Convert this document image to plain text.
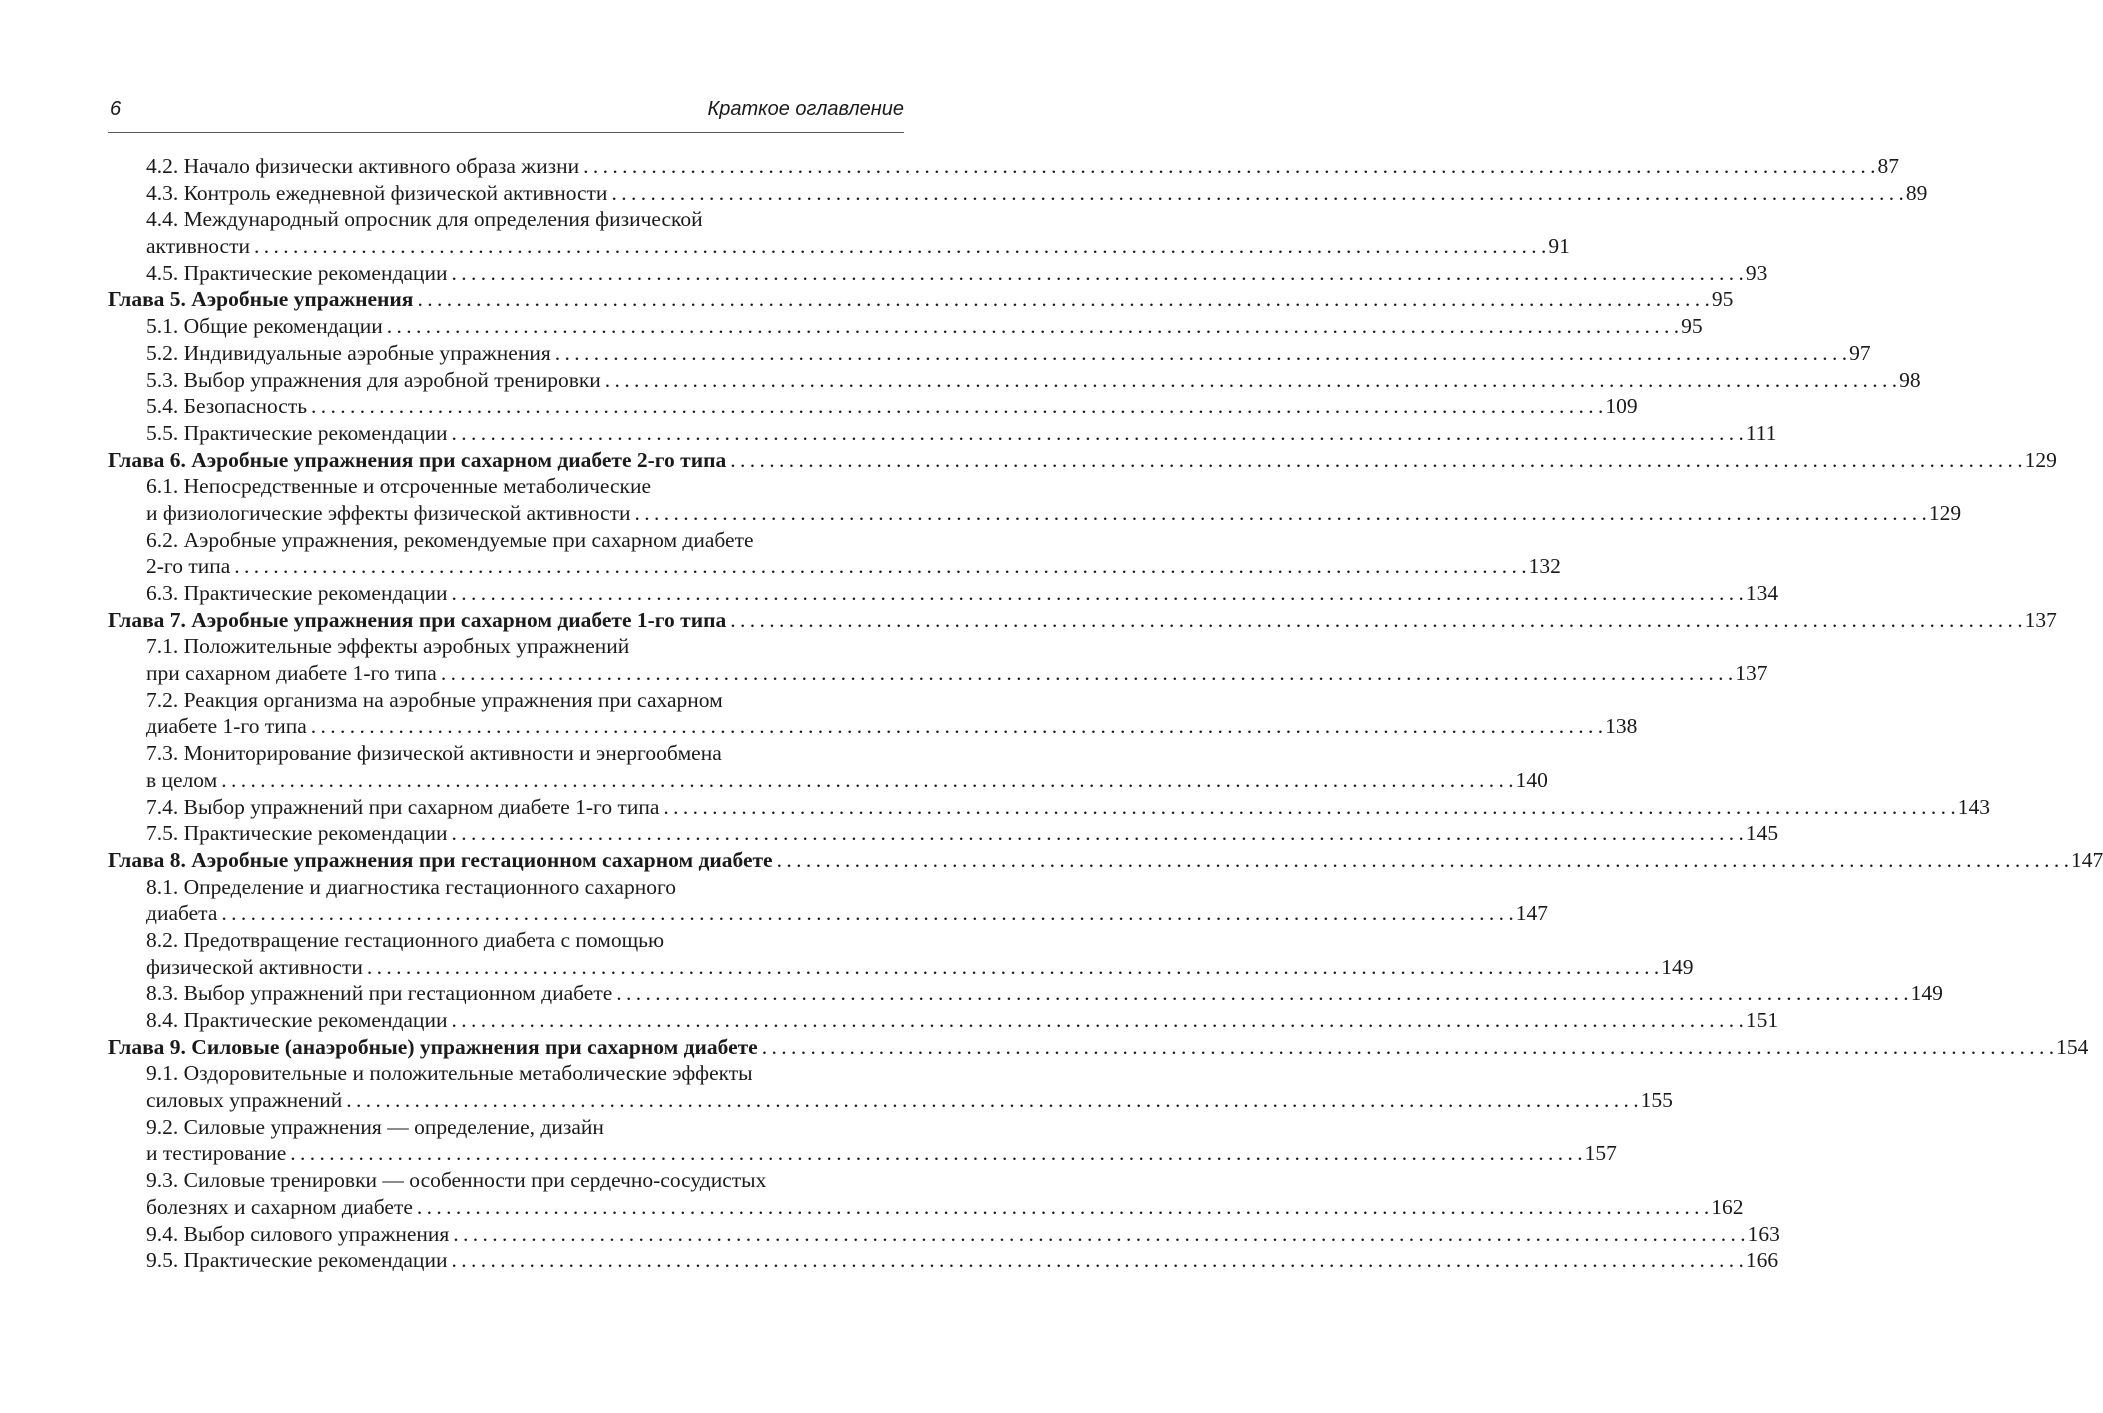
6	Краткое оглавление
4.2. Начало физически активного образа жизни . . .	87
4.3. Контроль ежедневной физической активности . . .	89
4.4. Международный опросник для определения физической
активности . . .	91
4.5. Практические рекомендации . . .	93
Глава 5. Аэробные упражнения . . .	95
5.1. Общие рекомендации . . .	95
5.2. Индивидуальные аэробные упражнения . . .	97
5.3. Выбор упражнения для аэробной тренировки . . .	98
5.4. Безопасность . . .	109
5.5. Практические рекомендации . . .	111
Глава 6. Аэробные упражнения при сахарном диабете 2-го типа . . .	129
6.1. Непосредственные и отсроченные метаболические
и физиологические эффекты физической активности . . .	129
6.2. Аэробные упражнения, рекомендуемые при сахарном диабете
2-го типа . . .	132
6.3. Практические рекомендации . . .	134
Глава 7. Аэробные упражнения при сахарном диабете 1-го типа . . .	137
7.1. Положительные эффекты аэробных упражнений
при сахарном диабете 1-го типа . . .	137
7.2. Реакция организма на аэробные упражнения при сахарном
диабете 1-го типа . . .	138
7.3. Мониторирование физической активности и энергообмена
в целом . . .	140
7.4. Выбор упражнений при сахарном диабете 1-го типа . . .	143
7.5. Практические рекомендации . . .	145
Глава 8. Аэробные упражнения при гестационном сахарном диабете . . .	147
8.1. Определение и диагностика гестационного сахарного
диабета . . .	147
8.2. Предотвращение гестационного диабета с помощью
физической активности . . .	149
8.3. Выбор упражнений при гестационном диабете . . .	149
8.4. Практические рекомендации . . .	151
Глава 9. Силовые (анаэробные) упражнения при сахарном диабете . . .	154
9.1. Оздоровительные и положительные метаболические эффекты
силовых упражнений . . .	155
9.2. Силовые упражнения — определение, дизайн
и тестирование . . .	157
9.3. Силовые тренировки — особенности при сердечно-сосудистых
болезнях и сахарном диабете . . .	162
9.4. Выбор силового упражнения . . .	163
9.5. Практические рекомендации . . .	166
